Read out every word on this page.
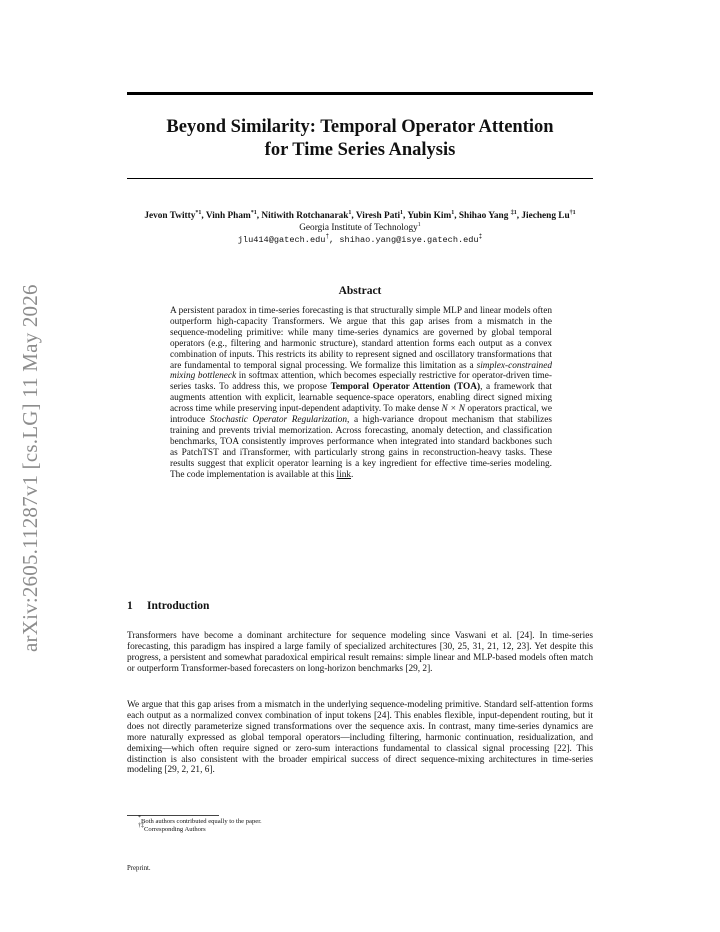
Beyond Similarity: Temporal Operator Attention
for Time Series Analysis
Jevon Twitty$^{*1}$, Vinh Pham$^{*1}$, Nitiwith Rotchanarak$^1$, Viresh Pati$^1$, Yubin Kim$^1$, Shihao Yang $^{\ddagger 1}$, Jiecheng Lu$^{\dagger 1}$
Georgia Institute of Technology$^1$
jlu414@gatech.edu†, shihao.yang@isye.gatech.edu‡
arXiv:2605.11287v1 [cs.LG] 11 May 2026	Abstract
A persistent paradox in time-series forecasting is that structurally simple MLP and linear models often outperform high-capacity Transformers. We argue that this gap arises from a mismatch in the sequence-modeling primitive: while many time-series dynamics are governed by global temporal operators (e.g., filtering and harmonic structure), standard attention forms each output as a convex combination of inputs. This restricts its ability to represent signed and oscillatory transformations that are fundamental to temporal signal processing. We formalize this limitation as a simplex-constrained mixing bottleneck in softmax attention, which becomes especially restrictive for operator-driven time-series tasks. To address this, we propose Temporal Operator Attention (TOA), a framework that augments attention with explicit, learnable sequence-space operators, enabling direct signed mixing across time while preserving input-dependent adaptivity. To make dense N × N operators practical, we introduce Stochastic Operator Regularization, a high-variance dropout mechanism that stabilizes training and prevents trivial memorization. Across forecasting, anomaly detection, and classification benchmarks, TOA consistently improves performance when integrated into standard backbones such as PatchTST and iTransformer, with particularly strong gains in reconstruction-heavy tasks. These results suggest that explicit operator learning is a key ingredient for effective time-series modeling. The code implementation is available at this link.
1 Introduction
Transformers have become a dominant architecture for sequence modeling since Vaswani et al. [24]. In time-series forecasting, this paradigm has inspired a large family of specialized architectures [30, 25, 31, 21, 12, 23]. Yet despite this progress, a persistent and somewhat paradoxical empirical result remains: simple linear and MLP-based models often match or outperform Transformer-based forecasters on long-horizon benchmarks [29, 2].
We argue that this gap arises from a mismatch in the underlying sequence-modeling primitive. Standard self-attention forms each output as a normalized convex combination of input tokens [24]. This enables flexible, input-dependent routing, but it does not directly parameterize signed transformations over the sequence axis. In contrast, many time-series dynamics are more naturally expressed as global temporal operators—including filtering, harmonic continuation, residualization, and demixing—which often require signed or zero-sum interactions fundamental to classical signal processing [22]. This distinction is also consistent with the broader empirical success of direct sequence-mixing architectures in time-series modeling [29, 2, 21, 6].
*Both authors contributed equally to the paper.
†‡Corresponding Authors
Preprint.
